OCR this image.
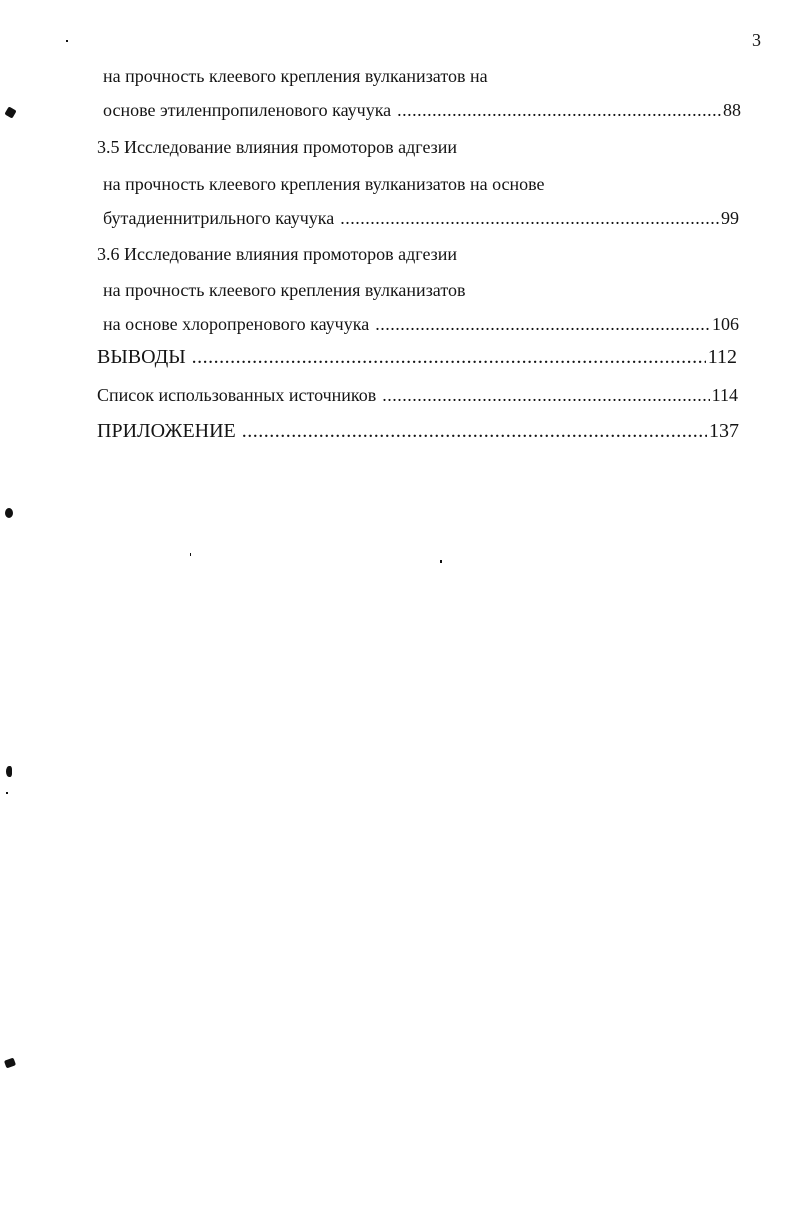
3
на прочность клеевого крепления вулканизатов на
основе этиленпропиленового каучука .....	88
3.5 Исследование влияния промоторов адгезии
на прочность клеевого крепления вулканизатов на основе
бутадиеннитрильного каучука .....	99
3.6 Исследование влияния промоторов адгезии
на прочность клеевого крепления вулканизатов
на основе хлоропренового каучука .....	106
ВЫВОДЫ .....	112
Список использованных источников .....	114
ПРИЛОЖЕНИЕ .....	137
